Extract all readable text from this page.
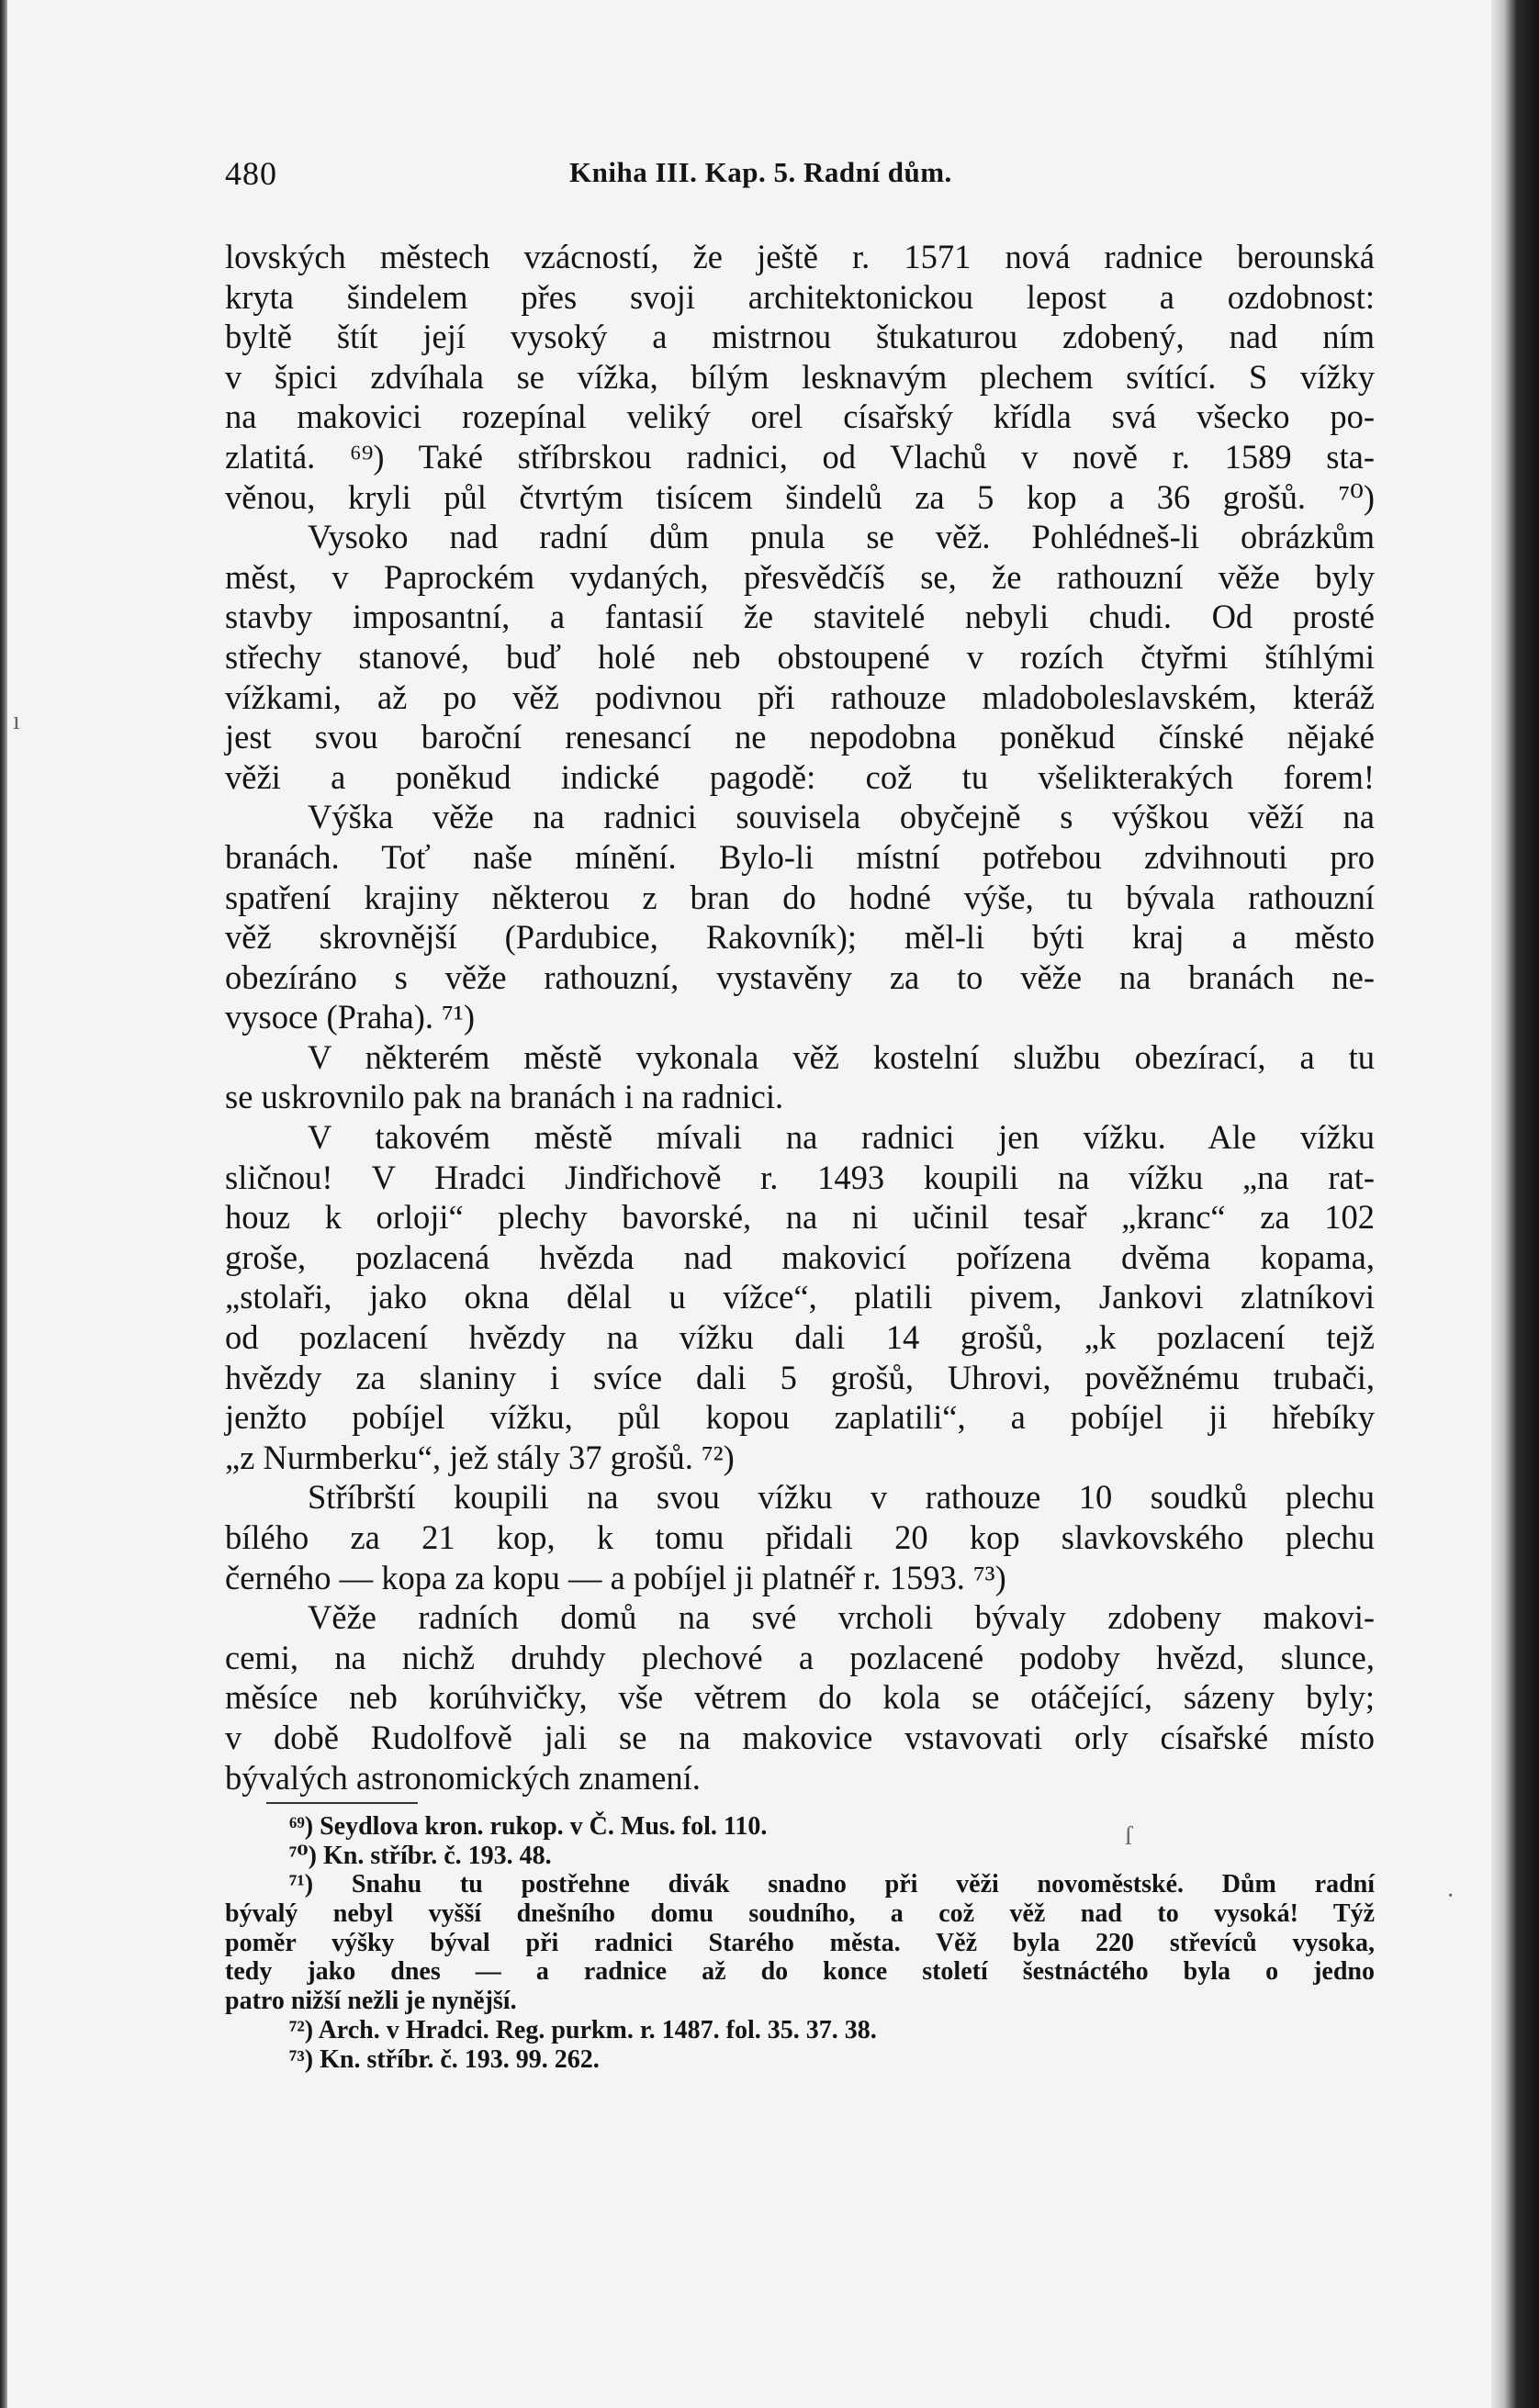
480	Kniha III. Kap. 5. Radní dům.
lovských městech vzácností, že ještě r. 1571 nová radnice berounská
kryta šindelem přes svoji architektonickou lepost a ozdobnost:
byltě štít její vysoký a mistrnou štukaturou zdobený, nad ním
v špici zdvíhala se vížka, bílým lesknavým plechem svítící. S vížky
na makovici rozepínal veliký orel císařský křídla svá všecko po-
zlatitá. ⁶⁹) Také stříbrskou radnici, od Vlachů v nově r. 1589 sta-
věnou, kryli půl čtvrtým tisícem šindelů za 5 kop a 36 grošů. ⁷⁰)
Vysoko nad radní dům pnula se věž. Pohlédneš-li obrázkům
měst, v Paprockém vydaných, přesvědčíš se, že rathouzní věže byly
stavby imposantní, a fantasií že stavitelé nebyli chudi. Od prosté
střechy stanové, buď holé neb obstoupené v rozích čtyřmi štíhlými
vížkami, až po věž podivnou při rathouze mladoboleslavském, kteráž
jest svou baroční renesancí ne nepodobna poněkud čínské nějaké
věži a poněkud indické pagodě: což tu všelikterakých forem!
Výška věže na radnici souvisela obyčejně s výškou věží na
branách. Toť naše mínění. Bylo-li místní potřebou zdvihnouti pro
spatření krajiny některou z bran do hodné výše, tu bývala rathouzní
věž skrovnější (Pardubice, Rakovník); měl-li býti kraj a město
obezíráno s věže rathouzní, vystavěny za to věže na branách ne-
vysoce (Praha). ⁷¹)
V některém městě vykonala věž kostelní službu obezírací, a tu
se uskrovnilo pak na branách i na radnici.
V takovém městě mívali na radnici jen vížku. Ale vížku
sličnou! V Hradci Jindřichově r. 1493 koupili na vížku „na rat-
houz k orloji“ plechy bavorské, na ni učinil tesař „kranc“ za 102
groše, pozlacená hvězda nad makovicí pořízena dvěma kopama,
„stolaři, jako okna dělal u vížce“, platili pivem, Jankovi zlatníkovi
od pozlacení hvězdy na vížku dali 14 grošů, „k pozlacení tejž
hvězdy za slaniny i svíce dali 5 grošů, Uhrovi, pověžnému trubači,
jenžto pobíjel vížku, půl kopou zaplatili“, a pobíjel ji hřebíky
„z Nurmberku“, jež stály 37 grošů. ⁷²)
Stříbrští koupili na svou vížku v rathouze 10 soudků plechu
bílého za 21 kop, k tomu přidali 20 kop slavkovského plechu
černého — kopa za kopu — a pobíjel ji platnéř r. 1593. ⁷³)
Věže radních domů na své vrcholi bývaly zdobeny makovi-
cemi, na nichž druhdy plechové a pozlacené podoby hvězd, slunce,
měsíce neb korúhvičky, vše větrem do kola se otáčející, sázeny byly;
v době Rudolfově jali se na makovice vstavovati orly císařské místo
bývalých astronomických znamení.
⁶⁹) Seydlova kron. rukop. v Č. Mus. fol. 110.
⁷⁰) Kn. stříbr. č. 193. 48.
⁷¹) Snahu tu postřehne divák snadno při věži novoměstské. Dům radní
bývalý nebyl vyšší dnešního domu soudního, a což věž nad to vysoká! Týž
poměr výšky býval při radnici Starého města. Věž byla 220 střevíců vysoka,
tedy jako dnes — a radnice až do konce století šestnáctého byla o jedno
patro nižší nežli je nynější.
⁷²) Arch. v Hradci. Reg. purkm. r. 1487. fol. 35. 37. 38.
⁷³) Kn. stříbr. č. 193. 99. 262.
ı
ſ
·
